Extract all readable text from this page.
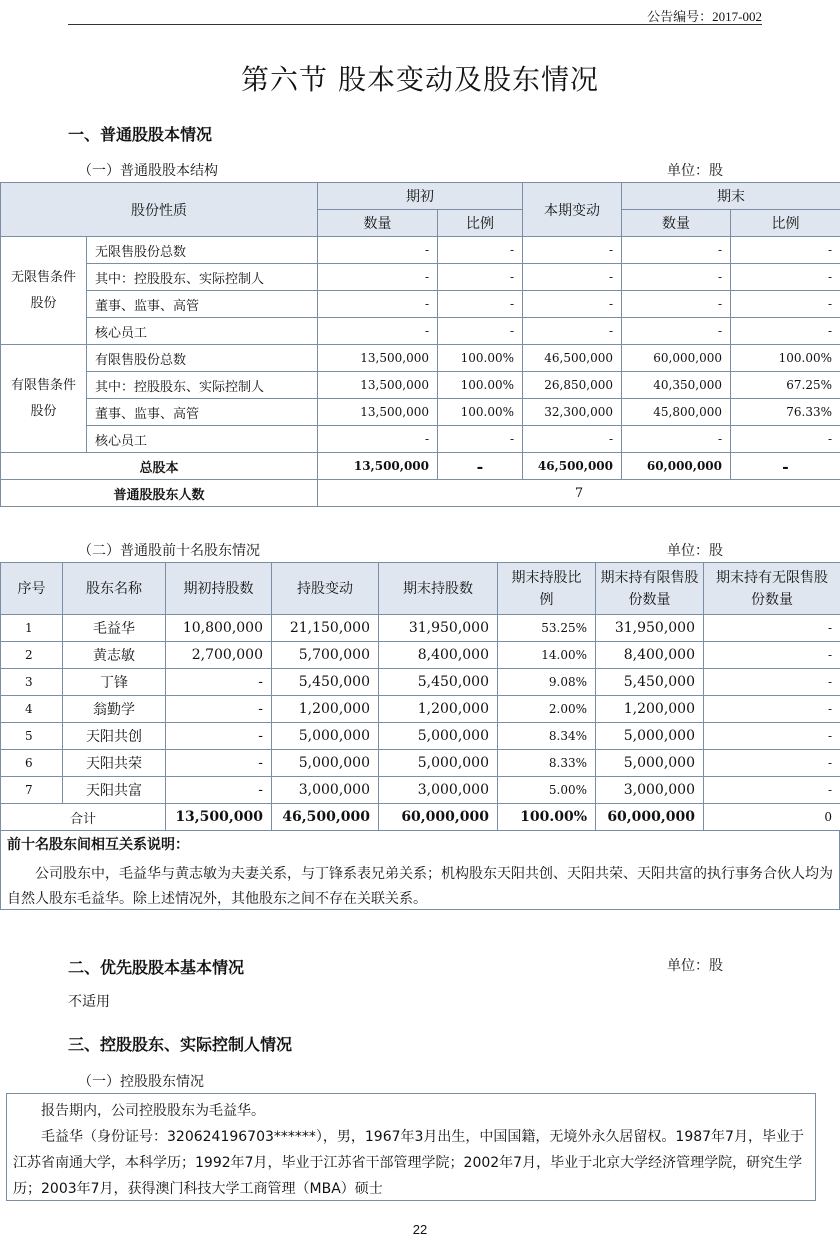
公告编号：2017-002
第六节 股本变动及股东情况
一、普通股股本情况
（一）普通股股本结构	单位：股
股份性质		期初		本期变动	期末	
		数量	比例		数量	比例
无限售条件股份	无限售股份总数	-	-	-	-	-
	其中：控股股东、实际控制人	-	-	-	-	-
	董事、监事、高管	-	-	-	-	-
	核心员工	-	-	-	-	-
有限售条件股份	有限售股份总数	13,500,000	100.00%	46,500,000	60,000,000	100.00%
	其中：控股股东、实际控制人	13,500,000	100.00%	26,850,000	40,350,000	67.25%
	董事、监事、高管	13,500,000	100.00%	32,300,000	45,800,000	76.33%
	核心员工	-	-	-	-	-
总股本		13,500,000	-	46,500,000	60,000,000	-
普通股股东人数		7				
（二）普通股前十名股东情况	单位：股
序号	股东名称	期初持股数	持股变动	期末持股数	期末持股比例	期末持有限售股份数量	期末持有无限售股份数量
1	毛益华	10,800,000	21,150,000	31,950,000	53.25%	31,950,000	-
2	黄志敏	2,700,000	5,700,000	8,400,000	14.00%	8,400,000	-
3	丁锋	-	5,450,000	5,450,000	9.08%	5,450,000	-
4	翁勤学	-	1,200,000	1,200,000	2.00%	1,200,000	-
5	天阳共创	-	5,000,000	5,000,000	8.34%	5,000,000	-
6	天阳共荣	-	5,000,000	5,000,000	8.33%	5,000,000	-
7	天阳共富	-	3,000,000	3,000,000	5.00%	3,000,000	-
合计		13,500,000	46,500,000	60,000,000	100.00%	60,000,000	0
前十名股东间相互关系说明：
公司股东中，毛益华与黄志敏为夫妻关系，与丁锋系表兄弟关系；机构股东天阳共创、天阳共荣、天阳共富的执行事务合伙人均为自然人股东毛益华。除上述情况外，其他股东之间不存在关联关系。
二、优先股股本基本情况	单位：股
不适用
三、控股股东、实际控制人情况
（一）控股股东情况

报告期内，公司控股股东为毛益华。

毛益华（身份证号：320624196703******），男，1967年3月出生，中国国籍，无境外永久居留权。1987年7月，毕业于江苏省南通大学，本科学历；1992年7月，毕业于江苏省干部管理学院；2002年7月，毕业于北京大学经济管理学院，研究生学历；2003年7月，获得澳门科技大学工商管理（MBA）硕士

22
